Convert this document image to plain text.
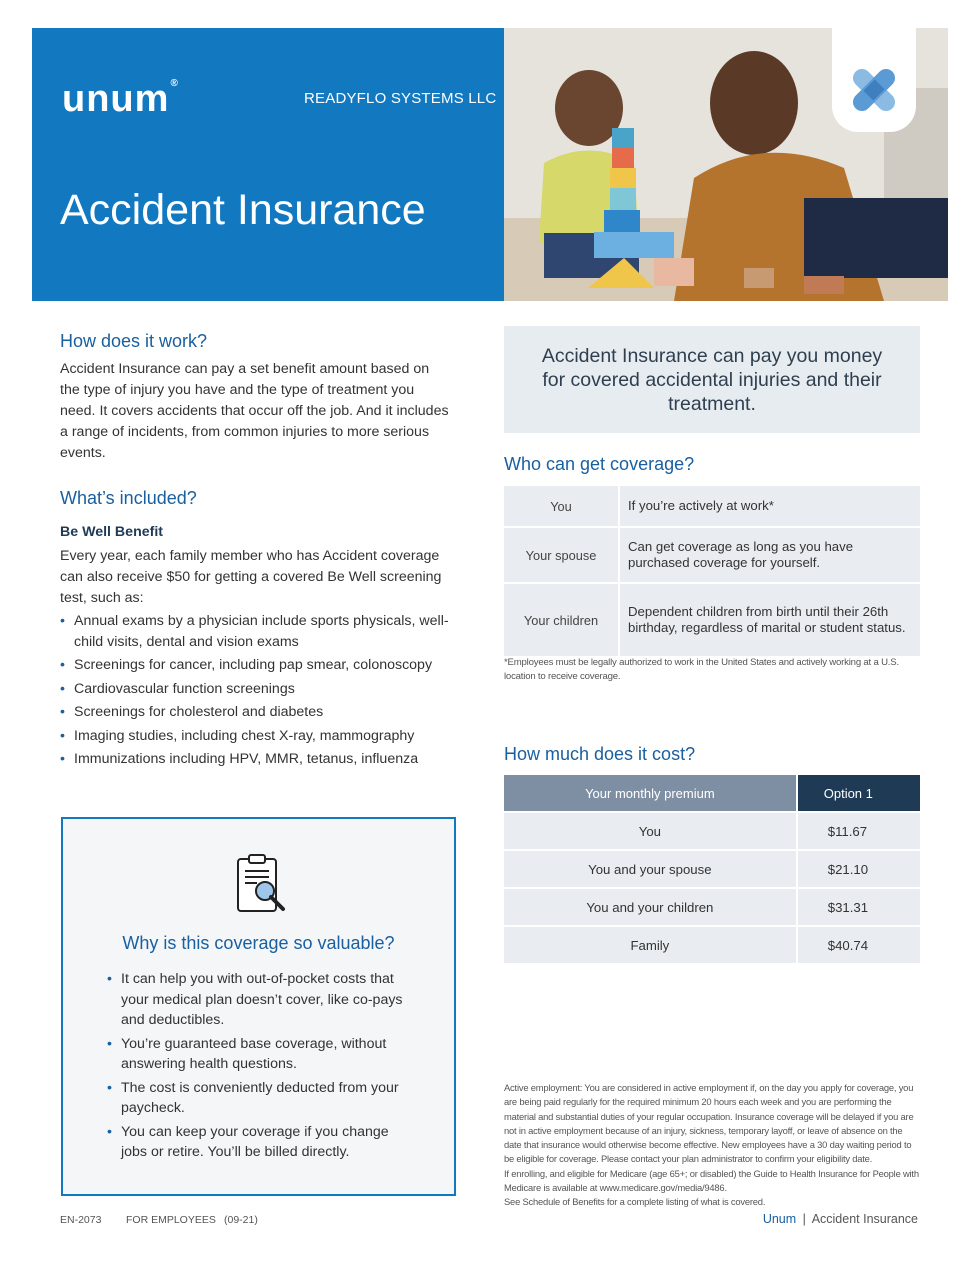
unum®
READYFLO SYSTEMS LLC
Accident Insurance
How does it work?
Accident Insurance can pay a set benefit amount based on the type of injury you have and the type of treatment you need. It covers accidents that occur off the job. And it includes a range of incidents, from common injuries to more serious events.
What’s included?
Be Well Benefit
Every year, each family member who has Accident coverage can also receive $50 for getting a covered Be Well screening test, such as:
• Annual exams by a physician include sports physicals, well-child visits, dental and vision exams
• Screenings for cancer, including pap smear, colonoscopy
• Cardiovascular function screenings
• Screenings for cholesterol and diabetes
• Imaging studies, including chest X-ray, mammography
• Immunizations including HPV, MMR, tetanus, influenza
Why is this coverage so valuable?
• It can help you with out-of-pocket costs that your medical plan doesn’t cover, like co-pays and deductibles.
• You’re guaranteed base coverage, without answering health questions.
• The cost is conveniently deducted from your paycheck.
• You can keep your coverage if you change jobs or retire. You’ll be billed directly.

Accident Insurance can pay you money for covered accidental injuries and their treatment.

Who can get coverage?
You	If you’re actively at work*
Your spouse	Can get coverage as long as you have purchased coverage for yourself.
Your children	Dependent children from birth until their 26th birthday, regardless of marital or student status.
*Employees must be legally authorized to work in the United States and actively working at a U.S. location to receive coverage.
How much does it cost?
Your monthly premium	Option 1
You	$11.67
You and your spouse	$21.10
You and your children	$31.31
Family	$40.74
Active employment: You are considered in active employment if, on the day you apply for coverage, you are being paid regularly for the required minimum 20 hours each week and you are performing the material and substantial duties of your regular occupation. Insurance coverage will be delayed if you are not in active employment because of an injury, sickness, temporary layoff, or leave of absence on the date that insurance would otherwise become effective. New employees have a 30 day waiting period to be eligible for coverage. Please contact your plan administrator to confirm your eligibility date.
If enrolling, and eligible for Medicare (age 65+; or disabled) the Guide to Health Insurance for People with Medicare is available at www.medicare.gov/media/9486.
See Schedule of Benefits for a complete listing of what is covered.
EN-2073 FOR EMPLOYEES (09-21)	Unum | Accident Insurance
